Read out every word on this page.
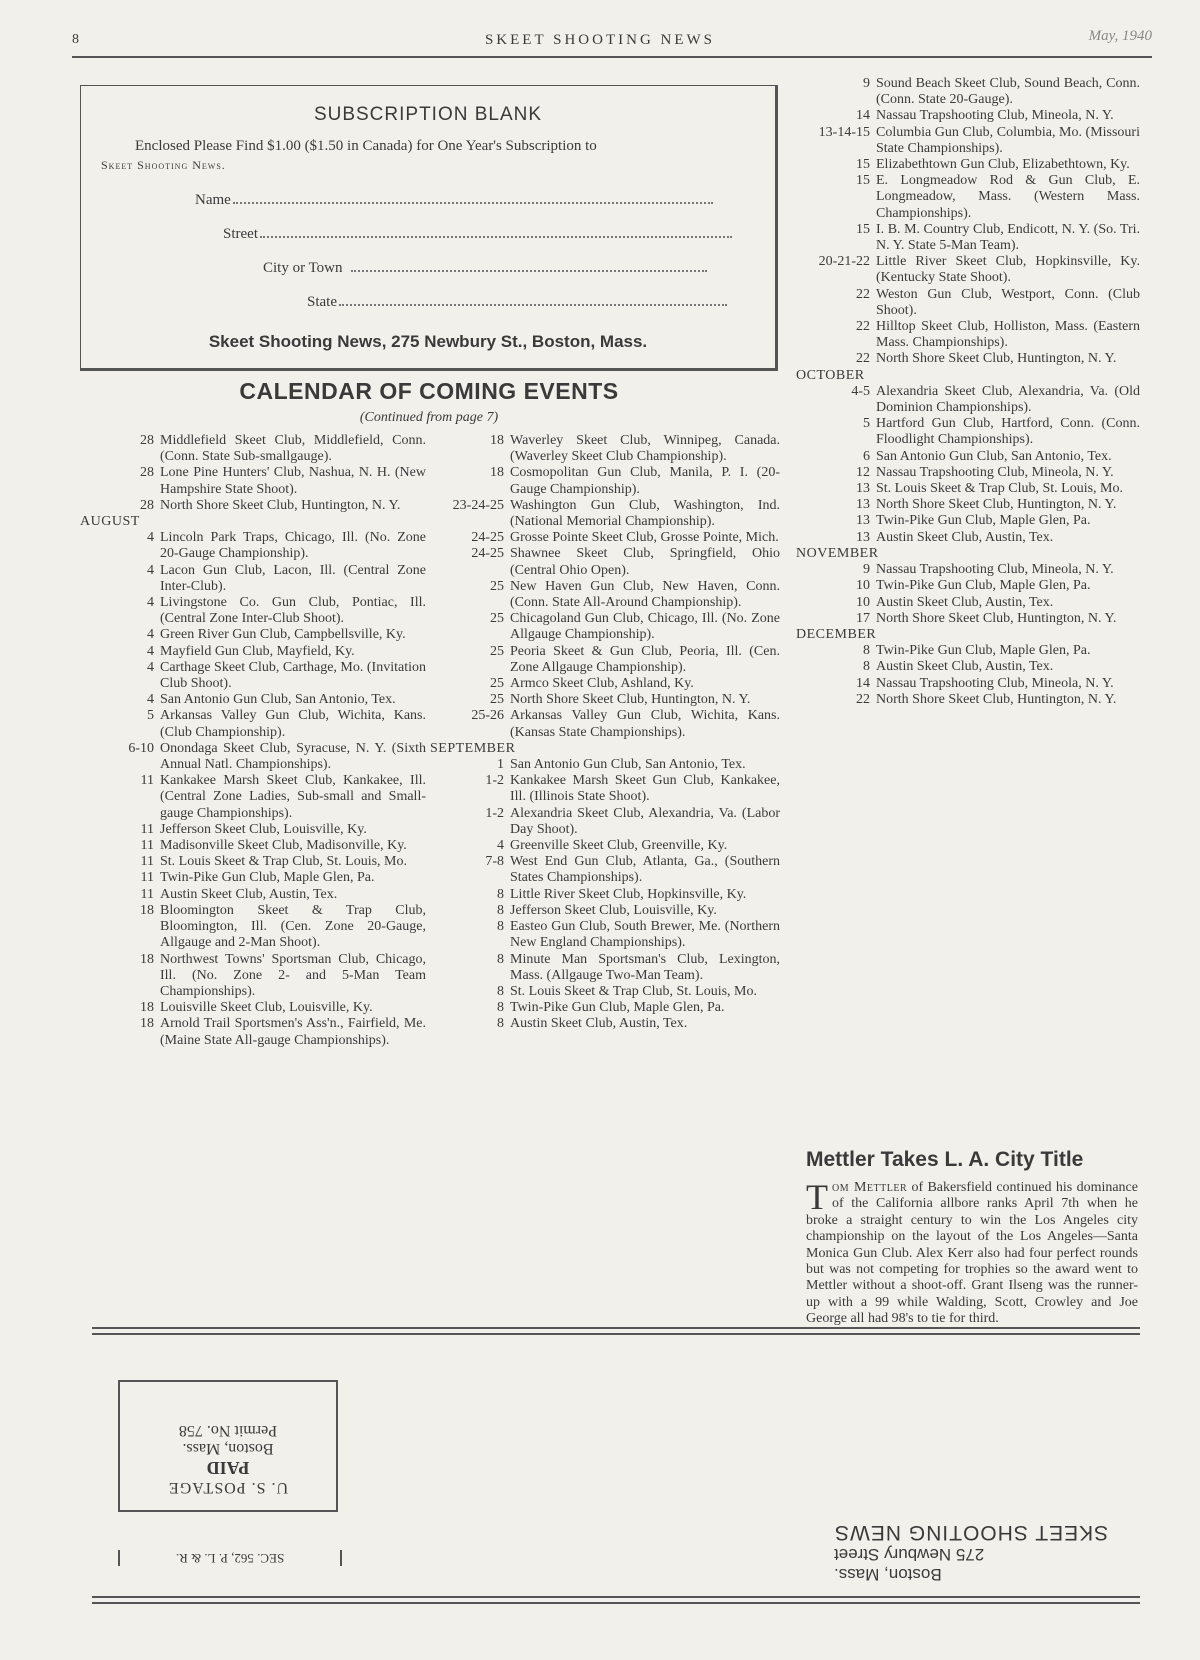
8	SKEET SHOOTING NEWS	May, 1940
SUBSCRIPTION BLANK
Enclosed Please Find $1.00 ($1.50 in Canada) for One Year's Subscription to
Skeet Shooting News.
Name
Street
City or Town
State
Skeet Shooting News, 275 Newbury St., Boston, Mass.
CALENDAR OF COMING EVENTS
(Continued from page 7)
28 Middlefield Skeet Club, Middlefield, Conn. (Conn. State Sub-smallgauge).
28 Lone Pine Hunters' Club, Nashua, N. H. (New Hampshire State Shoot).
28 North Shore Skeet Club, Huntington, N. Y.
AUGUST
4 Lincoln Park Traps, Chicago, Ill. (No. Zone 20-Gauge Championship).
4 Lacon Gun Club, Lacon, Ill. (Central Zone Inter-Club).
4 Livingstone Co. Gun Club, Pontiac, Ill. (Central Zone Inter-Club Shoot).
4 Green River Gun Club, Campbellsville, Ky.
4 Mayfield Gun Club, Mayfield, Ky.
4 Carthage Skeet Club, Carthage, Mo. (Invitation Club Shoot).
4 San Antonio Gun Club, San Antonio, Tex.
5 Arkansas Valley Gun Club, Wichita, Kans. (Club Championship).
6-10 Onondaga Skeet Club, Syracuse, N. Y. (Sixth Annual Natl. Championships).
11 Kankakee Marsh Skeet Club, Kankakee, Ill. (Central Zone Ladies, Sub-small and Small-gauge Championships).
11 Jefferson Skeet Club, Louisville, Ky.
11 Madisonville Skeet Club, Madisonville, Ky.
11 St. Louis Skeet & Trap Club, St. Louis, Mo.
11 Twin-Pike Gun Club, Maple Glen, Pa.
11 Austin Skeet Club, Austin, Tex.
18 Bloomington Skeet & Trap Club, Bloomington, Ill. (Cen. Zone 20-Gauge, Allgauge and 2-Man Shoot).
18 Northwest Towns' Sportsman Club, Chicago, Ill. (No. Zone 2- and 5-Man Team Championships).
18 Louisville Skeet Club, Louisville, Ky.
18 Arnold Trail Sportsmen's Ass'n., Fairfield, Me. (Maine State All-gauge Championships).
18 Waverley Skeet Club, Winnipeg, Canada. (Waverley Skeet Club Championship).
18 Cosmopolitan Gun Club, Manila, P. I. (20-Gauge Championship).
23-24-25 Washington Gun Club, Washington, Ind. (National Memorial Championship).
24-25 Grosse Pointe Skeet Club, Grosse Pointe, Mich.
24-25 Shawnee Skeet Club, Springfield, Ohio (Central Ohio Open).
25 New Haven Gun Club, New Haven, Conn. (Conn. State All-Around Championship).
25 Chicagoland Gun Club, Chicago, Ill. (No. Zone Allgauge Championship).
25 Peoria Skeet & Gun Club, Peoria, Ill. (Cen. Zone Allgauge Championship).
25 Armco Skeet Club, Ashland, Ky.
25 North Shore Skeet Club, Huntington, N. Y.
25-26 Arkansas Valley Gun Club, Wichita, Kans. (Kansas State Championships).
SEPTEMBER
1 San Antonio Gun Club, San Antonio, Tex.
1-2 Kankakee Marsh Skeet Gun Club, Kankakee, Ill. (Illinois State Shoot).
1-2 Alexandria Skeet Club, Alexandria, Va. (Labor Day Shoot).
4 Greenville Skeet Club, Greenville, Ky.
7-8 West End Gun Club, Atlanta, Ga., (Southern States Championships).
8 Little River Skeet Club, Hopkinsville, Ky.
8 Jefferson Skeet Club, Louisville, Ky.
8 Easteo Gun Club, South Brewer, Me. (Northern New England Championships).
8 Minute Man Sportsman's Club, Lexington, Mass. (Allgauge Two-Man Team).
8 St. Louis Skeet & Trap Club, St. Louis, Mo.
8 Twin-Pike Gun Club, Maple Glen, Pa.
8 Austin Skeet Club, Austin, Tex.
9 Sound Beach Skeet Club, Sound Beach, Conn. (Conn. State 20-Gauge).
14 Nassau Trapshooting Club, Mineola, N. Y.
13-14-15 Columbia Gun Club, Columbia, Mo. (Missouri State Championships).
15 Elizabethtown Gun Club, Elizabethtown, Ky.
15 E. Longmeadow Rod & Gun Club, E. Longmeadow, Mass. (Western Mass. Championships).
15 I. B. M. Country Club, Endicott, N. Y. (So. Tri. N. Y. State 5-Man Team).
20-21-22 Little River Skeet Club, Hopkinsville, Ky. (Kentucky State Shoot).
22 Weston Gun Club, Westport, Conn. (Club Shoot).
22 Hilltop Skeet Club, Holliston, Mass. (Eastern Mass. Championships).
22 North Shore Skeet Club, Huntington, N. Y.
OCTOBER
4-5 Alexandria Skeet Club, Alexandria, Va. (Old Dominion Championships).
5 Hartford Gun Club, Hartford, Conn. (Conn. Floodlight Championships).
6 San Antonio Gun Club, San Antonio, Tex.
12 Nassau Trapshooting Club, Mineola, N. Y.
13 St. Louis Skeet & Trap Club, St. Louis, Mo.
13 North Shore Skeet Club, Huntington, N. Y.
13 Twin-Pike Gun Club, Maple Glen, Pa.
13 Austin Skeet Club, Austin, Tex.
NOVEMBER
9 Nassau Trapshooting Club, Mineola, N. Y.
10 Twin-Pike Gun Club, Maple Glen, Pa.
10 Austin Skeet Club, Austin, Tex.
17 North Shore Skeet Club, Huntington, N. Y.
DECEMBER
8 Twin-Pike Gun Club, Maple Glen, Pa.
8 Austin Skeet Club, Austin, Tex.
14 Nassau Trapshooting Club, Mineola, N. Y.
22 North Shore Skeet Club, Huntington, N. Y.
Mettler Takes L. A. City Title
Tom Mettler of Bakersfield continued his dominance of the California allbore ranks April 7th when he broke a straight century to win the Los Angeles city championship on the layout of the Los Angeles—Santa Monica Gun Club. Alex Kerr also had four perfect rounds but was not competing for trophies so the award went to Mettler without a shoot-off. Grant Ilseng was the runner-up with a 99 while Walding, Scott, Crowley and Joe George all had 98's to tie for third.
U. S. POSTAGE
PAID
Boston, Mass.
Permit No. 758
SEC. 562, P. L. & R.
Boston, Mass.
275 Newbury Street
SKEET SHOOTING NEWS
